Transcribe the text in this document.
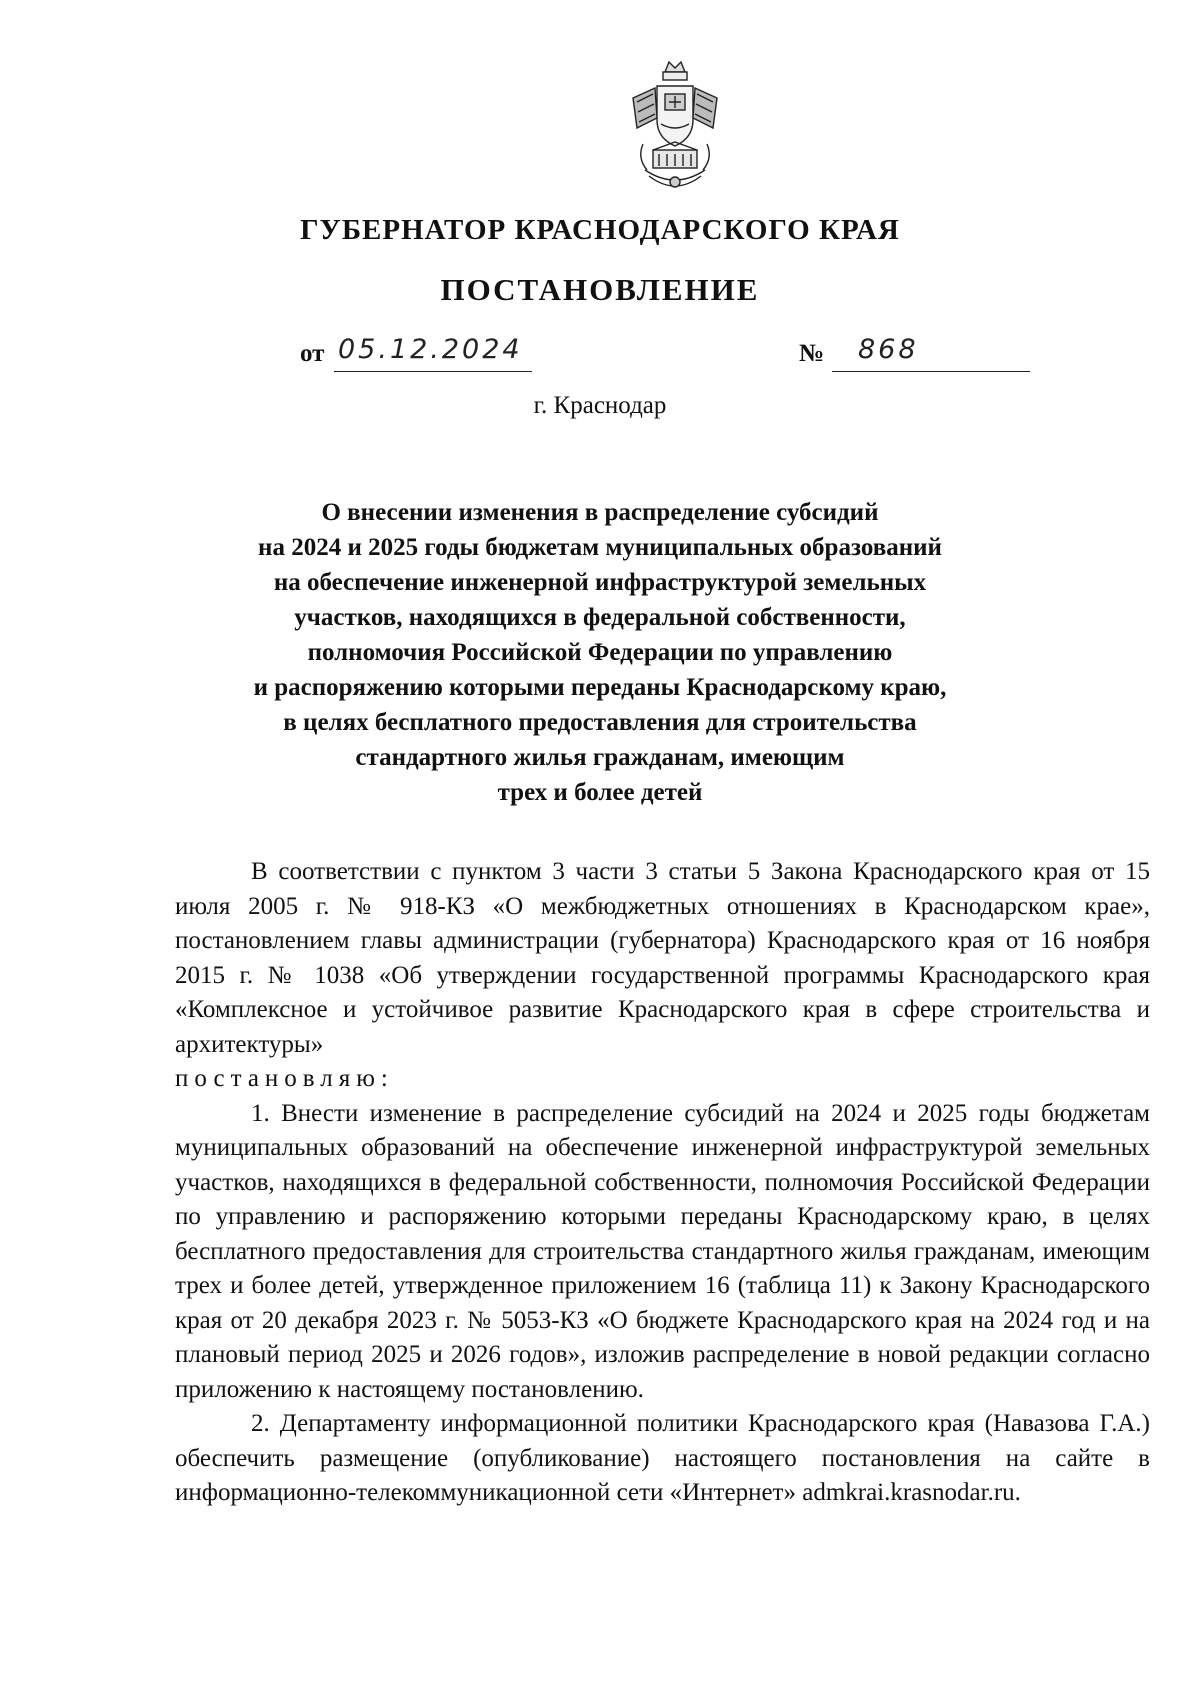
ГУБЕРНАТОР КРАСНОДАРСКОГО КРАЯ
ПОСТАНОВЛЕНИЕ
от 05.12.2024	№ 868
г. Краснодар
О внесении изменения в распределение субсидий
на 2024 и 2025 годы бюджетам муниципальных образований
на обеспечение инженерной инфраструктурой земельных
участков, находящихся в федеральной собственности,
полномочия Российской Федерации по управлению
и распоряжению которыми переданы Краснодарскому краю,
в целях бесплатного предоставления для строительства
стандартного жилья гражданам, имеющим
трех и более детей

В соответствии с пунктом 3 части 3 статьи 5 Закона Краснодарского края от 15 июля 2005 г. № 918-КЗ «О межбюджетных отношениях в Краснодарском крае», постановлением главы администрации (губернатора) Краснодарского края от 16 ноября 2015 г. № 1038 «Об утверждении государственной программы Краснодарского края «Комплексное и устойчивое развитие Краснодарского края в сфере строительства и архитектуры»

постановляю:

1. Внести изменение в распределение субсидий на 2024 и 2025 годы бюджетам муниципальных образований на обеспечение инженерной инфраструктурой земельных участков, находящихся в федеральной собственности, полномочия Российской Федерации по управлению и распоряжению которыми переданы Краснодарскому краю, в целях бесплатного предоставления для строительства стандартного жилья гражданам, имеющим трех и более детей, утвержденное приложением 16 (таблица 11) к Закону Краснодарского края от 20 декабря 2023 г. № 5053-КЗ «О бюджете Краснодарского края на 2024 год и на плановый период 2025 и 2026 годов», изложив распределение в новой редакции согласно приложению к настоящему постановлению.

2. Департаменту информационной политики Краснодарского края (Навазова Г.А.) обеспечить размещение (опубликование) настоящего постановления на сайте в информационно-телекоммуникационной сети «Интернет» admkrai.krasnodar.ru.
